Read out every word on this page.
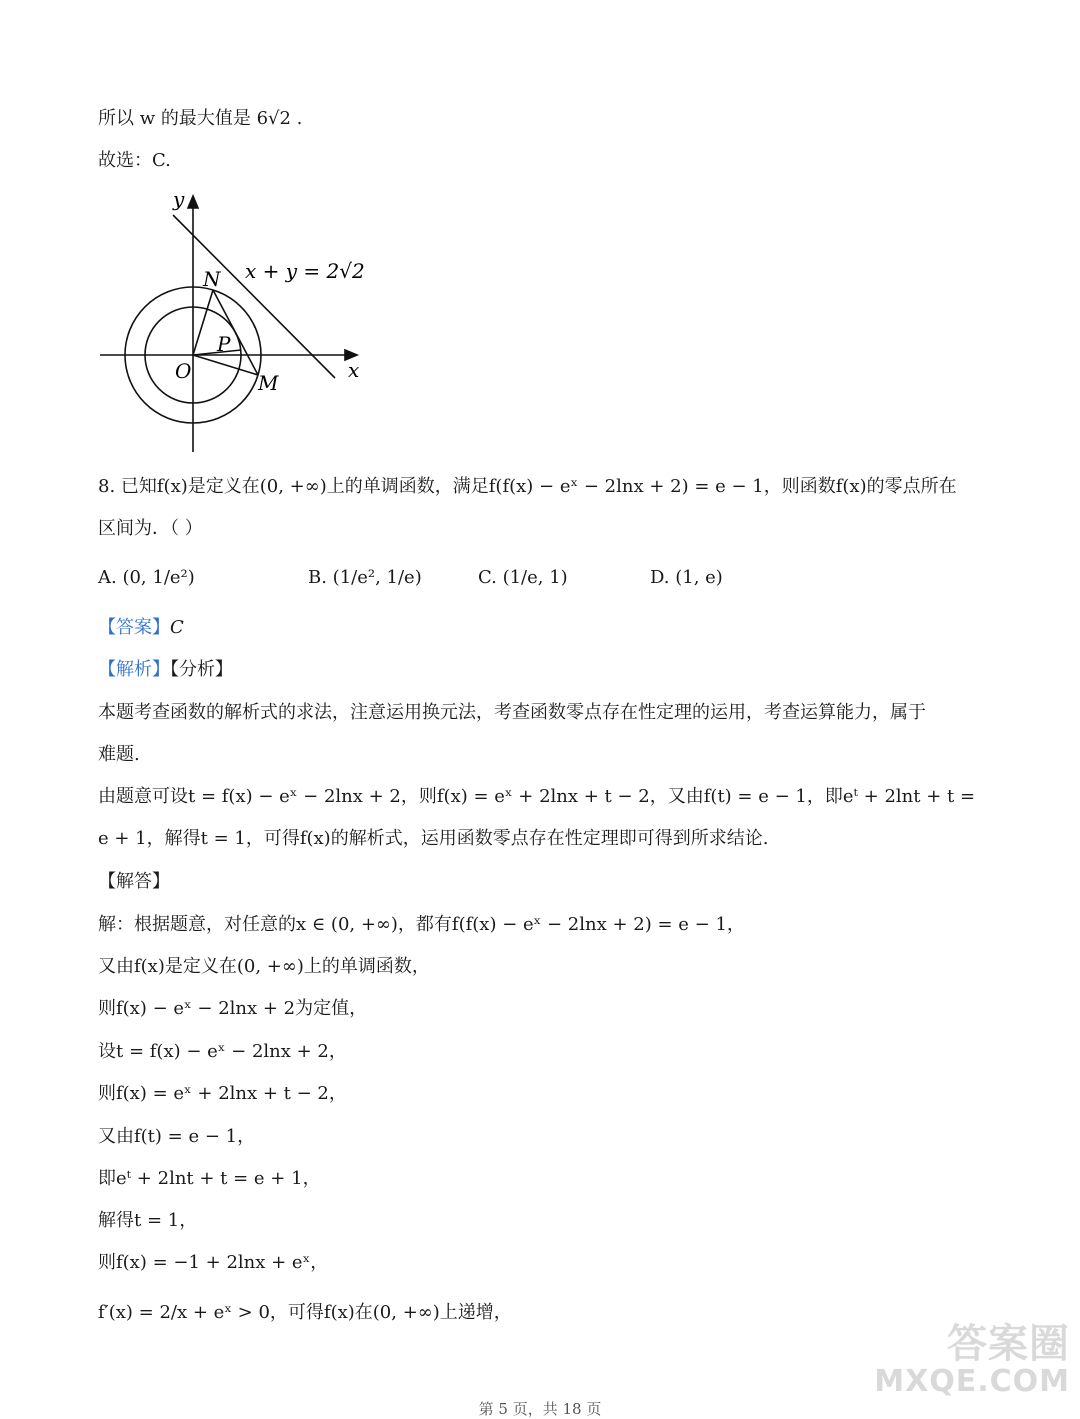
所以 w 的最大值是 6√2 .
故选：C.
y
x
O
N
P
M
x + y = 2√2
8. 已知f(x)是定义在(0, +∞)上的单调函数，满足f(f(x) − eˣ − 2lnx + 2) = e − 1，则函数f(x)的零点所在
区间为．（ ）
A. (0, 1/e²)	B. (1/e², 1/e)	C. (1/e, 1)	D. (1, e)
【答案】C
【解析】【分析】
本题考查函数的解析式的求法，注意运用换元法，考查函数零点存在性定理的运用，考查运算能力，属于
难题.
由题意可设t = f(x) − eˣ − 2lnx + 2，则f(x) = eˣ + 2lnx + t − 2，又由f(t) = e − 1，即eᵗ + 2lnt + t =
e + 1，解得t = 1，可得f(x)的解析式，运用函数零点存在性定理即可得到所求结论.
【解答】
解：根据题意，对任意的x ∈ (0, +∞)，都有f(f(x) − eˣ − 2lnx + 2) = e − 1，
又由f(x)是定义在(0, +∞)上的单调函数，
则f(x) − eˣ − 2lnx + 2为定值，
设t = f(x) − eˣ − 2lnx + 2，
则f(x) = eˣ + 2lnx + t − 2，
又由f(t) = e − 1，
即eᵗ + 2lnt + t = e + 1，
解得t = 1，
则f(x) = −1 + 2lnx + eˣ，
f′(x) = 2/x + eˣ > 0，可得f(x)在(0, +∞)上递增，
答案圈
MXQE.COM
第 5 页，共 18 页
